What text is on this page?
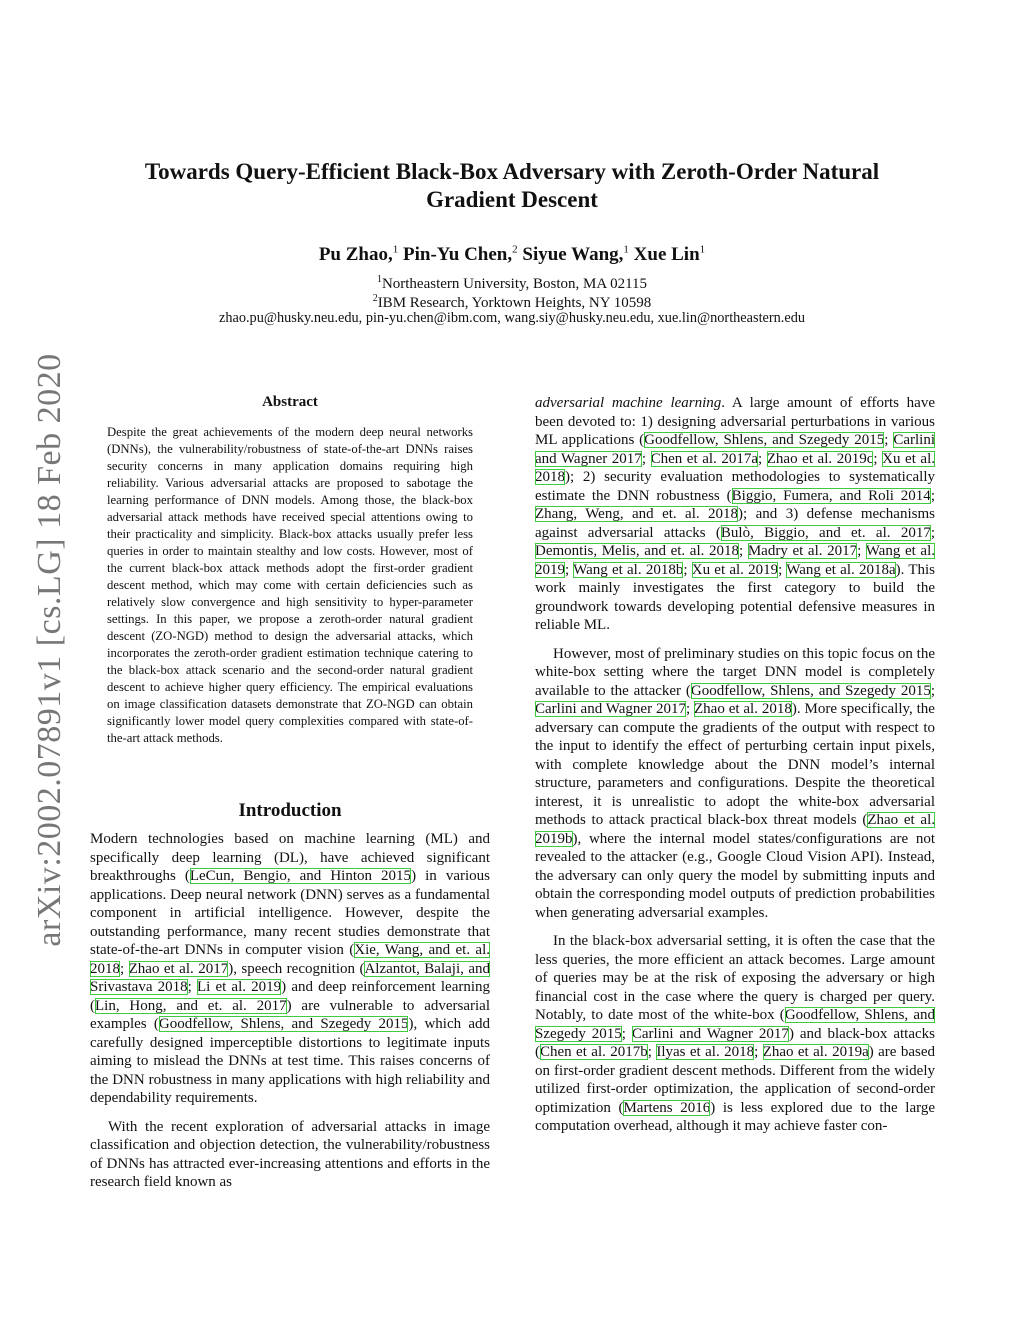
arXiv:2002.07891v1 [cs.LG] 18 Feb 2020
Towards Query-Efficient Black-Box Adversary with Zeroth-Order Natural
Gradient Descent
Pu Zhao,$^1$ Pin-Yu Chen,$^2$ Siyue Wang,$^1$ Xue Lin$^1$
$^1$Northeastern University, Boston, MA 02115
$^2$IBM Research, Yorktown Heights, NY 10598
zhao.pu@husky.neu.edu, pin-yu.chen@ibm.com, wang.siy@husky.neu.edu, xue.lin@northeastern.edu
Abstract
Despite the great achievements of the modern deep neural networks (DNNs), the vulnerability/robustness of state-of-the-art DNNs raises security concerns in many application domains requiring high reliability. Various adversarial attacks are proposed to sabotage the learning performance of DNN models. Among those, the black-box adversarial attack methods have received special attentions owing to their practicality and simplicity. Black-box attacks usually prefer less queries in order to maintain stealthy and low costs. However, most of the current black-box attack methods adopt the first-order gradient descent method, which may come with certain deficiencies such as relatively slow convergence and high sensitivity to hyper-parameter settings. In this paper, we propose a zeroth-order natural gradient descent (ZO-NGD) method to design the adversarial attacks, which incorporates the zeroth-order gradient estimation technique catering to the black-box attack scenario and the second-order natural gradient descent to achieve higher query efficiency. The empirical evaluations on image classification datasets demonstrate that ZO-NGD can obtain significantly lower model query complexities compared with state-of-the-art attack methods.
Introduction

Modern technologies based on machine learning (ML) and specifically deep learning (DL), have achieved significant breakthroughs (LeCun, Bengio, and Hinton 2015) in various applications. Deep neural network (DNN) serves as a fundamental component in artificial intelligence. However, despite the outstanding performance, many recent studies demonstrate that state-of-the-art DNNs in computer vision (Xie, Wang, and et. al. 2018; Zhao et al. 2017), speech recognition (Alzantot, Balaji, and Srivastava 2018; Li et al. 2019) and deep reinforcement learning (Lin, Hong, and et. al. 2017) are vulnerable to adversarial examples (Goodfellow, Shlens, and Szegedy 2015), which add carefully designed imperceptible distortions to legitimate inputs aiming to mislead the DNNs at test time. This raises concerns of the DNN robustness in many applications with high reliability and dependability requirements.

With the recent exploration of adversarial attacks in image classification and objection detection, the vulnerability/robustness of DNNs has attracted ever-increasing attentions and efforts in the research field known as

adversarial machine learning. A large amount of efforts have been devoted to: 1) designing adversarial perturbations in various ML applications (Goodfellow, Shlens, and Szegedy 2015; Carlini and Wagner 2017; Chen et al. 2017a; Zhao et al. 2019c; Xu et al. 2018); 2) security evaluation methodologies to systematically estimate the DNN robustness (Biggio, Fumera, and Roli 2014; Zhang, Weng, and et. al. 2018); and 3) defense mechanisms against adversarial attacks (Bulò, Biggio, and et. al. 2017; Demontis, Melis, and et. al. 2018; Madry et al. 2017; Wang et al. 2019; Wang et al. 2018b; Xu et al. 2019; Wang et al. 2018a). This work mainly investigates the first category to build the groundwork towards developing potential defensive measures in reliable ML.

However, most of preliminary studies on this topic focus on the white-box setting where the target DNN model is completely available to the attacker (Goodfellow, Shlens, and Szegedy 2015; Carlini and Wagner 2017; Zhao et al. 2018). More specifically, the adversary can compute the gradients of the output with respect to the input to identify the effect of perturbing certain input pixels, with complete knowledge about the DNN model’s internal structure, parameters and configurations. Despite the theoretical interest, it is unrealistic to adopt the white-box adversarial methods to attack practical black-box threat models (Zhao et al. 2019b), where the internal model states/configurations are not revealed to the attacker (e.g., Google Cloud Vision API). Instead, the adversary can only query the model by submitting inputs and obtain the corresponding model outputs of prediction probabilities when generating adversarial examples.

In the black-box adversarial setting, it is often the case that the less queries, the more efficient an attack becomes. Large amount of queries may be at the risk of exposing the adversary or high financial cost in the case where the query is charged per query. Notably, to date most of the white-box (Goodfellow, Shlens, and Szegedy 2015; Carlini and Wagner 2017) and black-box attacks (Chen et al. 2017b; Ilyas et al. 2018; Zhao et al. 2019a) are based on first-order gradient descent methods. Different from the widely utilized first-order optimization, the application of second-order optimization (Martens 2016) is less explored due to the large computation overhead, although it may achieve faster con-
